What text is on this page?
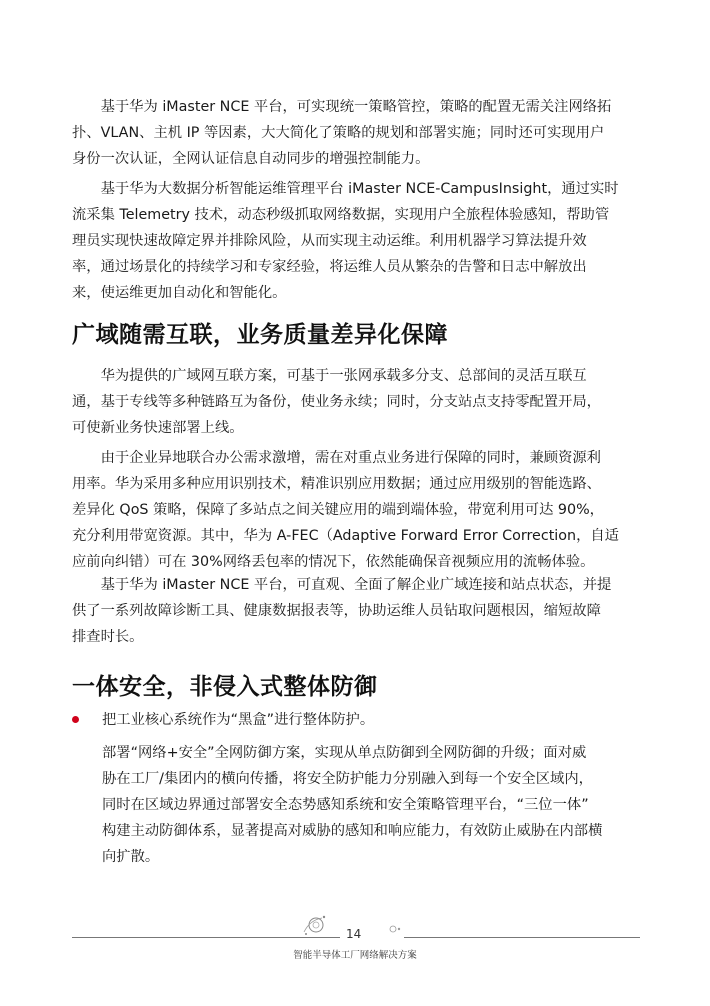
　　基于华为 iMaster NCE 平台，可实现统一策略管控，策略的配置无需关注网络拓
扑、VLAN、主机 IP 等因素，大大简化了策略的规划和部署实施；同时还可实现用户
身份一次认证，全网认证信息自动同步的增强控制能力。
　　基于华为大数据分析智能运维管理平台 iMaster NCE-CampusInsight，通过实时
流采集 Telemetry 技术，动态秒级抓取网络数据，实现用户全旅程体验感知，帮助管
理员实现快速故障定界并排除风险，从而实现主动运维。利用机器学习算法提升效
率，通过场景化的持续学习和专家经验，将运维人员从繁杂的告警和日志中解放出
来，使运维更加自动化和智能化。
广域随需互联，业务质量差异化保障
　　华为提供的广域网互联方案，可基于一张网承载多分支、总部间的灵活互联互
通，基于专线等多种链路互为备份，使业务永续；同时，分支站点支持零配置开局，
可使新业务快速部署上线。
　　由于企业异地联合办公需求激增，需在对重点业务进行保障的同时，兼顾资源利
用率。华为采用多种应用识别技术，精准识别应用数据；通过应用级别的智能选路、
差异化 QoS 策略，保障了多站点之间关键应用的端到端体验，带宽利用可达 90%，
充分利用带宽资源。其中，华为 A-FEC（Adaptive Forward Error Correction，自适
应前向纠错）可在 30%网络丢包率的情况下，依然能确保音视频应用的流畅体验。
　　基于华为 iMaster NCE 平台，可直观、全面了解企业广域连接和站点状态，并提
供了一系列故障诊断工具、健康数据报表等，协助运维人员钻取问题根因，缩短故障
排查时长。
一体安全，非侵入式整体防御
把工业核心系统作为“黑盒”进行整体防护。
部署“网络+安全”全网防御方案，实现从单点防御到全网防御的升级；面对威
胁在工厂/集团内的横向传播，将安全防护能力分别融入到每一个安全区域内，
同时在区域边界通过部署安全态势感知系统和安全策略管理平台，“三位一体”
构建主动防御体系，显著提高对威胁的感知和响应能力，有效防止威胁在内部横
向扩散。
14
智能半导体工厂网络解决方案
